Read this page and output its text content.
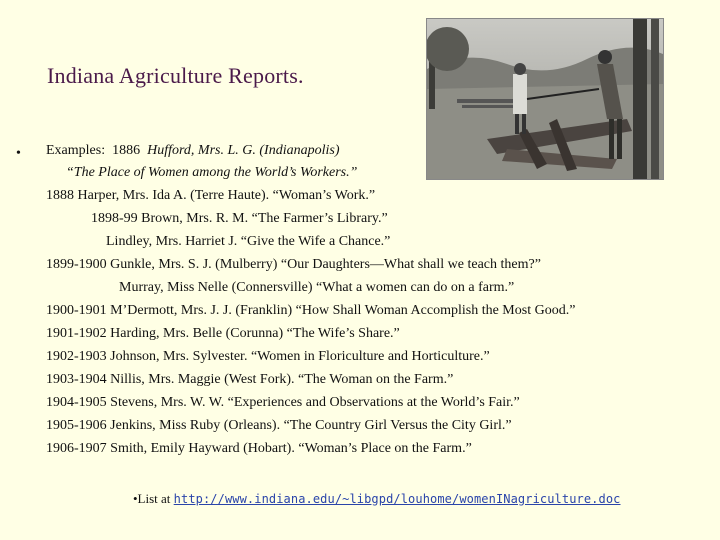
Indiana Agriculture Reports.
• Examples: 1886 Hufford, Mrs. L. G. (Indianapolis)
“The Place of Women among the World’s Workers.”
1888 Harper, Mrs. Ida A. (Terre Haute). “Woman’s Work.”
1898-99 Brown, Mrs. R. M. “The Farmer’s Library.”
Lindley, Mrs. Harriet J. “Give the Wife a Chance.”
1899-1900 Gunkle, Mrs. S. J. (Mulberry) “Our Daughters—What shall we teach them?”
Murray, Miss Nelle (Connersville) “What a women can do on a farm.”
1900-1901 M’Dermott, Mrs. J. J. (Franklin) “How Shall Woman Accomplish the Most Good.”
1901-1902 Harding, Mrs. Belle (Corunna) “The Wife’s Share.”
1902-1903 Johnson, Mrs. Sylvester. “Women in Floriculture and Horticulture.”
1903-1904 Nillis, Mrs. Maggie (West Fork). “The Woman on the Farm.”
1904-1905 Stevens, Mrs. W. W. “Experiences and Observations at the World’s Fair.”
1905-1906 Jenkins, Miss Ruby (Orleans). “The Country Girl Versus the City Girl.”
1906-1907 Smith, Emily Hayward (Hobart). “Woman’s Place on the Farm.”
•List at http://www.indiana.edu/~libgpd/louhome/womenINagriculture.doc
